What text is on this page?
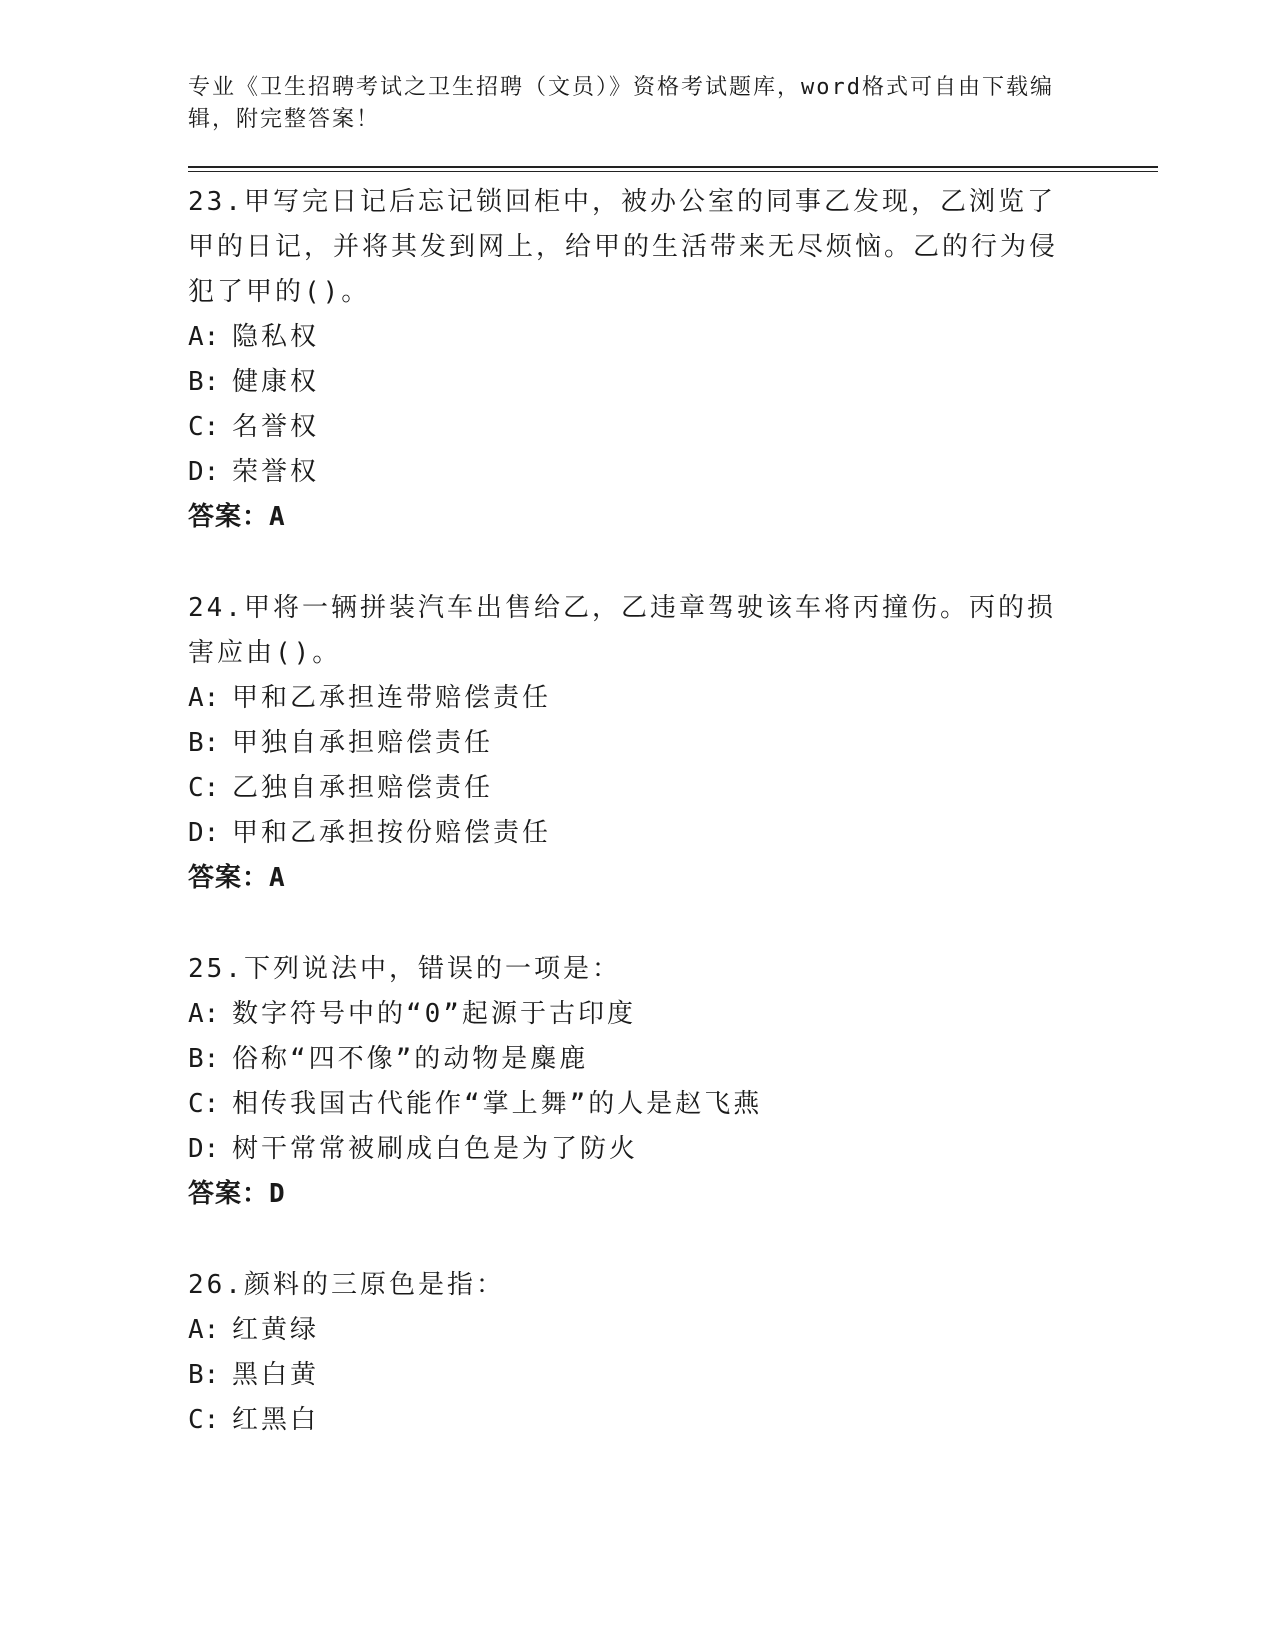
专业《卫生招聘考试之卫生招聘（文员）》资格考试题库，word格式可自由下载编辑，附完整答案！

23.甲写完日记后忘记锁回柜中，被办公室的同事乙发现，乙浏览了甲的日记，并将其发到网上，给甲的生活带来无尽烦恼。乙的行为侵犯了甲的()。

A: 隐私权

B: 健康权

C: 名誉权

D: 荣誉权

答案：A

24.甲将一辆拼装汽车出售给乙，乙违章驾驶该车将丙撞伤。丙的损害应由()。

A: 甲和乙承担连带赔偿责任

B: 甲独自承担赔偿责任

C: 乙独自承担赔偿责任

D: 甲和乙承担按份赔偿责任

答案：A

25.下列说法中，错误的一项是：

A: 数字符号中的“0”起源于古印度

B: 俗称“四不像”的动物是麋鹿

C: 相传我国古代能作“掌上舞”的人是赵飞燕

D: 树干常常被刷成白色是为了防火

答案：D

26.颜料的三原色是指：

A: 红黄绿

B: 黑白黄

C: 红黑白
